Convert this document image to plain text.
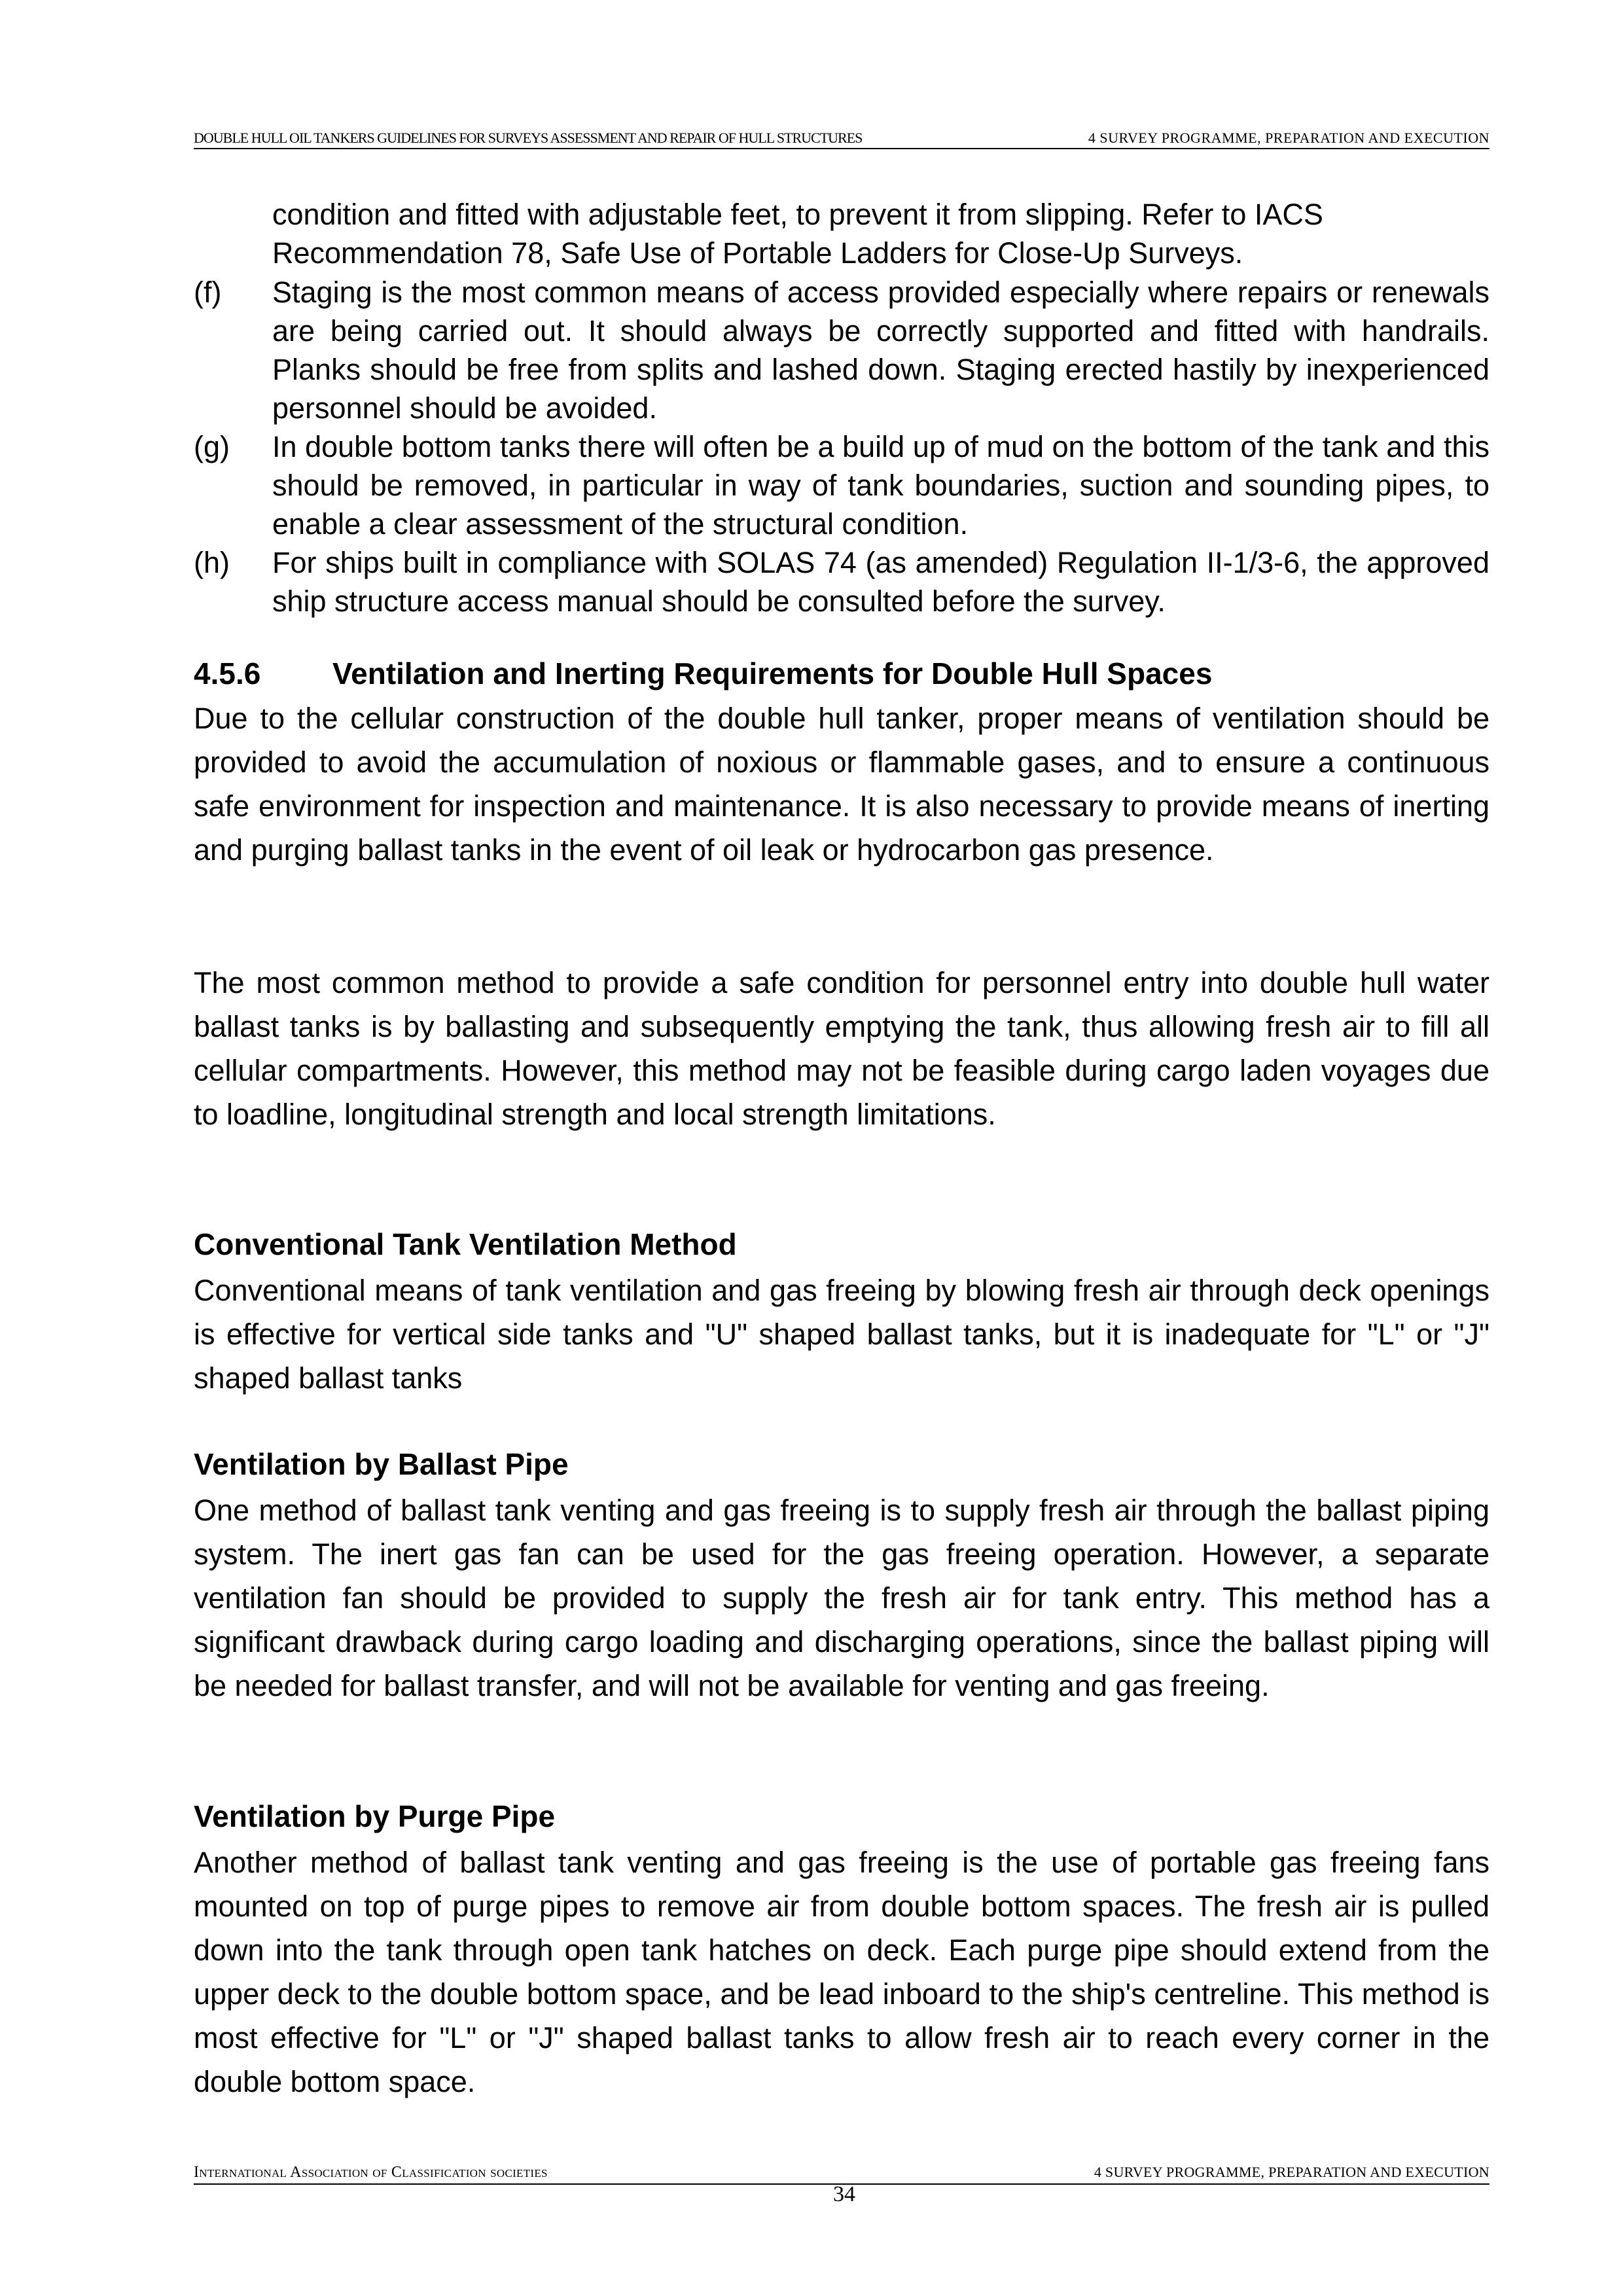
DOUBLE HULL OIL TANKERS GUIDELINES FOR SURVEYS ASSESSMENT AND REPAIR OF HULL STRUCTURES	4 SURVEY PROGRAMME, PREPARATION AND EXECUTION
condition and fitted with adjustable feet, to prevent it from slipping. Refer to IACS Recommendation 78, Safe Use of Portable Ladders for Close-Up Surveys.
(f) Staging is the most common means of access provided especially where repairs or renewals are being carried out. It should always be correctly supported and fitted with handrails. Planks should be free from splits and lashed down. Staging erected hastily by inexperienced personnel should be avoided.
(g) In double bottom tanks there will often be a build up of mud on the bottom of the tank and this should be removed, in particular in way of tank boundaries, suction and sounding pipes, to enable a clear assessment of the structural condition.
(h) For ships built in compliance with SOLAS 74 (as amended) Regulation II-1/3-6, the approved ship structure access manual should be consulted before the survey.
4.5.6 Ventilation and Inerting Requirements for Double Hull Spaces
Due to the cellular construction of the double hull tanker, proper means of ventilation should be provided to avoid the accumulation of noxious or flammable gases, and to ensure a continuous safe environment for inspection and maintenance. It is also necessary to provide means of inerting and purging ballast tanks in the event of oil leak or hydrocarbon gas presence.
The most common method to provide a safe condition for personnel entry into double hull water ballast tanks is by ballasting and subsequently emptying the tank, thus allowing fresh air to fill all cellular compartments. However, this method may not be feasible during cargo laden voyages due to loadline, longitudinal strength and local strength limitations.
Conventional Tank Ventilation Method
Conventional means of tank ventilation and gas freeing by blowing fresh air through deck openings is effective for vertical side tanks and "U" shaped ballast tanks, but it is inadequate for "L" or "J" shaped ballast tanks
Ventilation by Ballast Pipe
One method of ballast tank venting and gas freeing is to supply fresh air through the ballast piping system. The inert gas fan can be used for the gas freeing operation. However, a separate ventilation fan should be provided to supply the fresh air for tank entry. This method has a significant drawback during cargo loading and discharging operations, since the ballast piping will be needed for ballast transfer, and will not be available for venting and gas freeing.
Ventilation by Purge Pipe
Another method of ballast tank venting and gas freeing is the use of portable gas freeing fans mounted on top of purge pipes to remove air from double bottom spaces. The fresh air is pulled down into the tank through open tank hatches on deck. Each purge pipe should extend from the upper deck to the double bottom space, and be lead inboard to the ship's centreline. This method is most effective for "L" or "J" shaped ballast tanks to allow fresh air to reach every corner in the double bottom space.
International Association of Classification societies	4 SURVEY PROGRAMME, PREPARATION AND EXECUTION
34
